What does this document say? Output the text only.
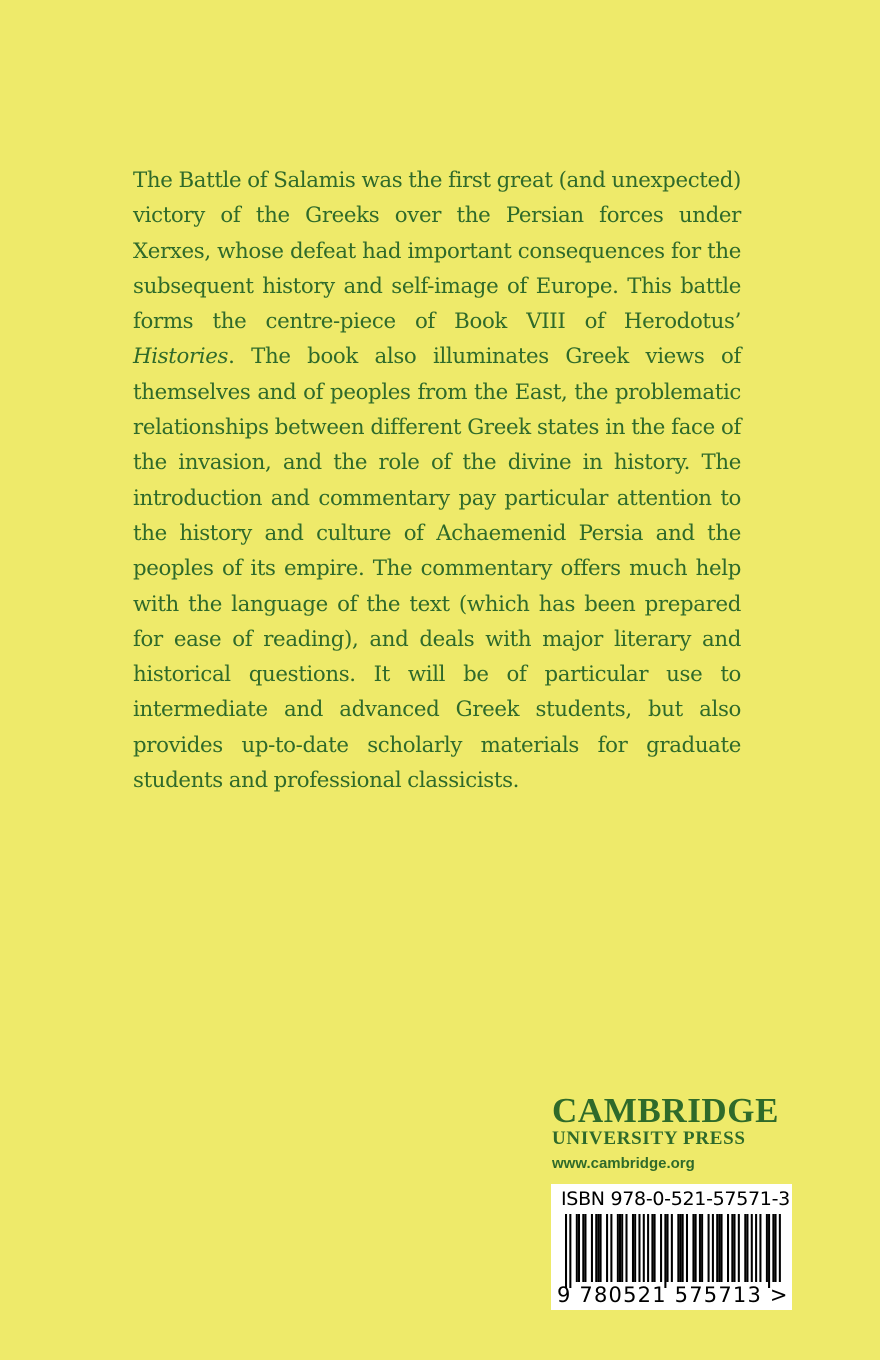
The Battle of Salamis was the first great (and unexpected) victory of the Greeks over the Persian forces under Xerxes, whose defeat had important consequences for the subsequent history and self-image of Europe. This battle forms the centre-piece of Book VIII of Herodotus’ Histories. The book also illuminates Greek views of themselves and of peoples from the East, the problematic relationships between different Greek states in the face of the invasion, and the role of the divine in history. The introduction and commentary pay particular attention to the history and culture of Achaemenid Persia and the peoples of its empire. The commentary offers much help with the language of the text (which has been prepared for ease of reading), and deals with major literary and historical questions. It will be of particular use to intermediate and advanced Greek students, but also provides up-to-date scholarly materials for graduate students and professional classicists.

CAMBRIDGE
UNIVERSITY PRESS
www.cambridge.org
ISBN 978-0-521-57571-3
9 780521 575713 >
